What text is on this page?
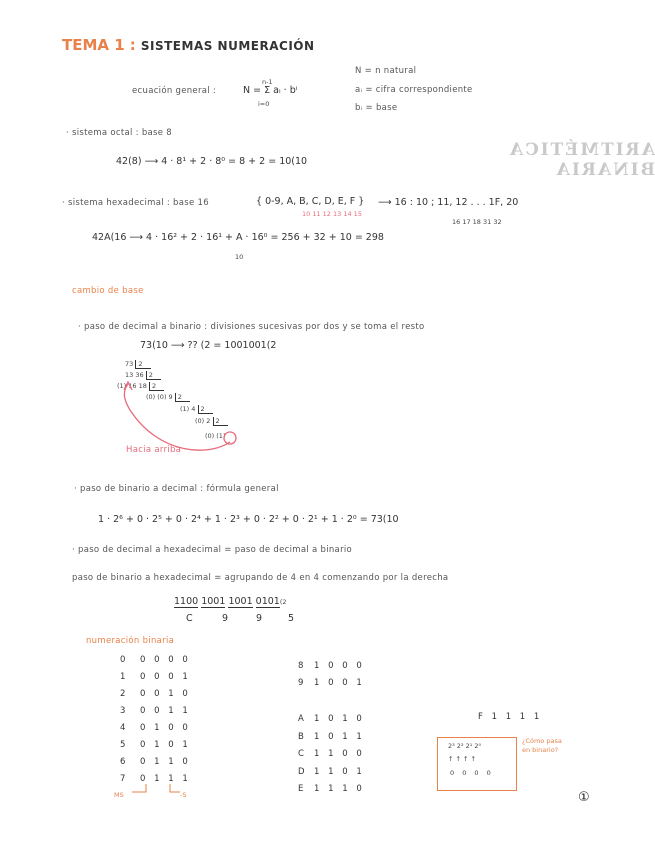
ARITMÉTICA BINARIA
TEMA 1 : SISTEMAS NUMERACIÓN
ecuación general :
n-1
N = Σ aᵢ · bⁱ
i=0
N = n natural
aᵢ = cifra correspondiente
bᵢ = base
· sistema octal : base 8
42(8) ⟶ 4 · 8¹ + 2 · 8⁰ = 8 + 2 = 10(10
· sistema hexadecimal : base 16	{ 0-9, A, B, C, D, E, F }
10 11 12 13 14 15
⟶ 16 : 10 ; 11, 12 . . . 1F, 20
16 17 18 31 32
42A(16 ⟶ 4 · 16² + 2 · 16¹ + A · 16⁰ = 256 + 32 + 10 = 298
10
cambio de base
· paso de decimal a binario : divisiones sucesivas por dos y se toma el resto
73(10 ⟶ ?? (2 = 1001001(2
73 2
13 36 2
(1) 16 18 2
(0) (0) 9 2
(1) 4 2
(0) 2 2
(0) (1)
Hacia arriba
· paso de binario a decimal : fórmula general
1 · 2⁶ + 0 · 2⁵ + 0 · 2⁴ + 1 · 2³ + 0 · 2² + 0 · 2¹ + 1 · 2⁰ = 73(10
· paso de decimal a hexadecimal = paso de decimal a binario
paso de binario a hexadecimal = agrupando de 4 en 4 comenzando por la derecha
1100 1001 1001 0101(2
C	9	9	5
numeración binaria
0 0 0 0 0
1 0 0 0 1
2 0 0 1 0
3 0 0 1 1
4 0 1 0 0
5 0 1 0 1
6 0 1 1 0
7 0 1 1 1
8 1 0 0 0
9 1 0 0 1
A 1 0 1 0
B 1 0 1 1
C 1 1 0 0
D 1 1 0 1
E 1 1 1 0
F 1 1 1 1
MS	-S
2³ 2² 2¹ 2⁰
↑ ↑ ↑ ↑
0 0 0 0
¿Cómo pasa en binario?
①
